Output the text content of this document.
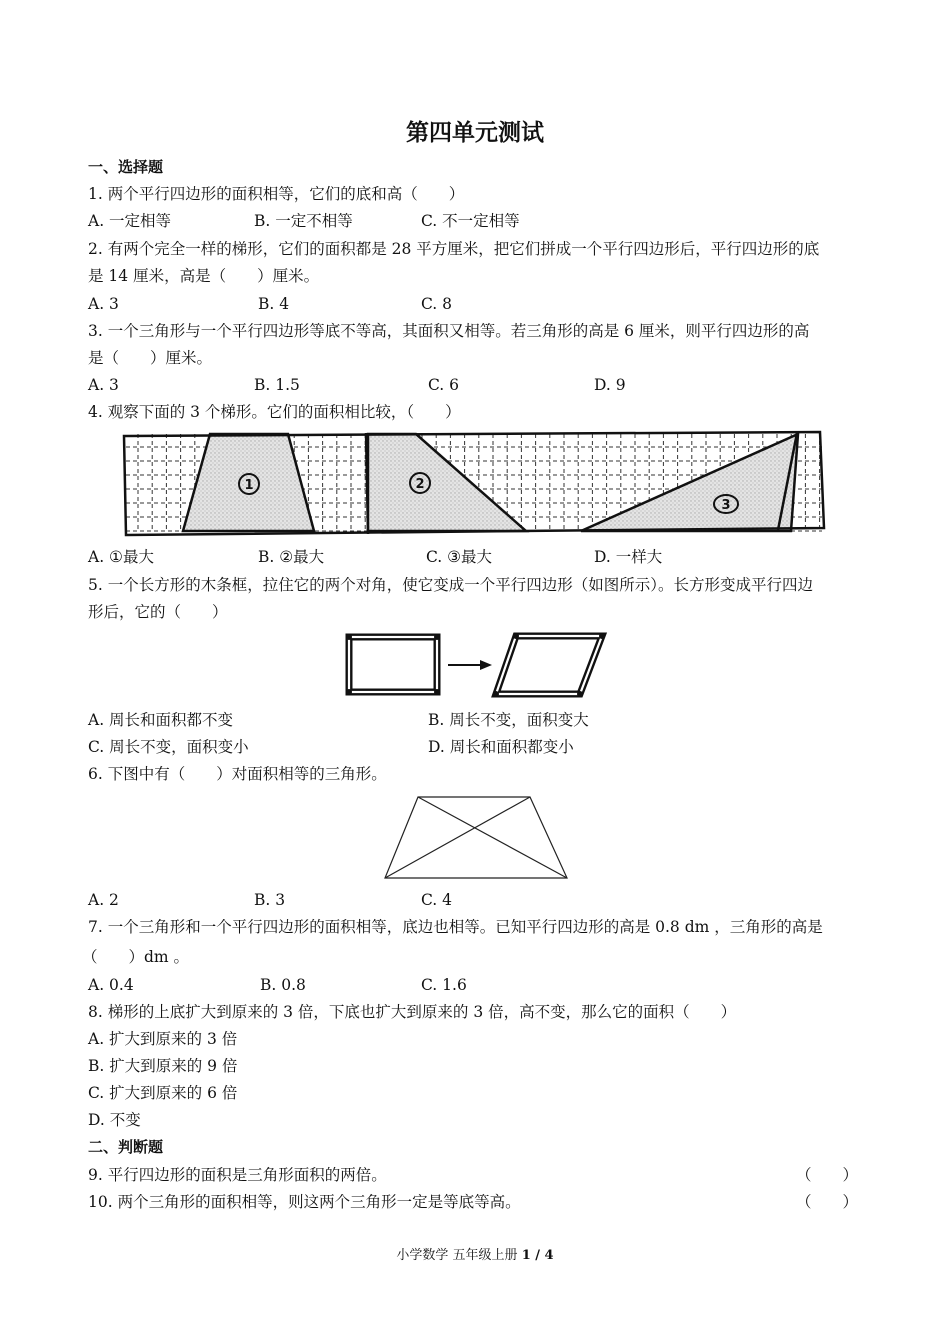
第四单元测试
一、选择题
1. 两个平行四边形的面积相等，它们的底和高（　　）
A. 一定相等	B. 一定不相等	C. 不一定相等
2. 有两个完全一样的梯形，它们的面积都是 28 平方厘米，把它们拼成一个平行四边形后，平行四边形的底
是 14 厘米，高是（　　）厘米。
A. 3	B. 4	C. 8
3. 一个三角形与一个平行四边形等底不等高，其面积又相等。若三角形的高是 6 厘米，则平行四边形的高
是（　　）厘米。
A. 3	B. 1.5	C. 6	D. 9
4. 观察下面的 3 个梯形。它们的面积相比较，（　　）
1	2
3
A. ①最大	B. ②最大	C. ③最大	D. 一样大
5. 一个长方形的木条框，拉住它的两个对角，使它变成一个平行四边形（如图所示）。长方形变成平行四边
形后，它的（　　）
A. 周长和面积都不变	B. 周长不变，面积变大
C. 周长不变，面积变小	D. 周长和面积都变小
6. 下图中有（　　）对面积相等的三角形。
A. 2	B. 3	C. 4
7. 一个三角形和一个平行四边形的面积相等，底边也相等。已知平行四边形的高是 0.8 dm ，三角形的高是
（　　）dm 。
A. 0.4	B. 0.8	C. 1.6
8. 梯形的上底扩大到原来的 3 倍，下底也扩大到原来的 3 倍，高不变，那么它的面积（　　）
A. 扩大到原来的 3 倍
B. 扩大到原来的 9 倍
C. 扩大到原来的 6 倍
D. 不变
二、判断题
9. 平行四边形的面积是三角形面积的两倍。	（　　）
10. 两个三角形的面积相等，则这两个三角形一定是等底等高。	（　　）
小学数学 五年级上册 1 / 4
